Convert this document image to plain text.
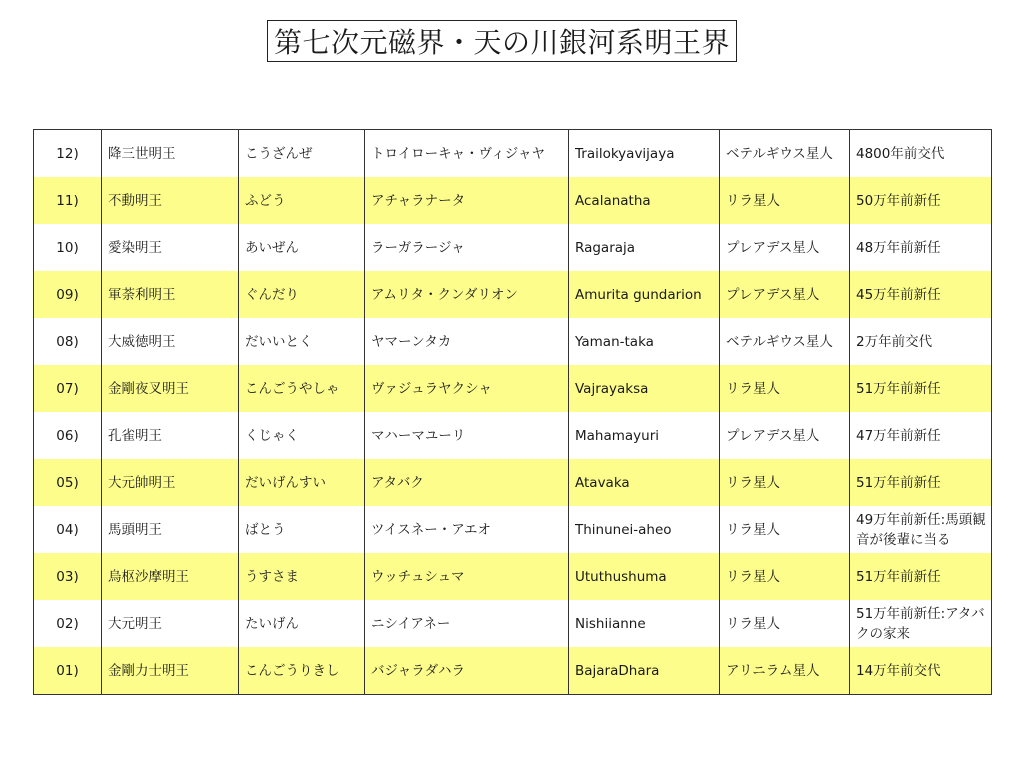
第七次元磁界・天の川銀河系明王界
12)	降三世明王	こうざんぜ	トロイローキャ・ヴィジャヤ	Trailokyavijaya	ベテルギウス星人	4800年前交代
11)	不動明王	ふどう	アチャラナータ	Acalanatha	リラ星人	50万年前新任
10)	愛染明王	あいぜん	ラーガラージャ	Ragaraja	プレアデス星人	48万年前新任
09)	軍荼利明王	ぐんだり	アムリタ・クンダリオン	Amurita gundarion	プレアデス星人	45万年前新任
08)	大威徳明王	だいいとく	ヤマーンタカ	Yaman-taka	ベテルギウス星人	2万年前交代
07)	金剛夜叉明王	こんごうやしゃ	ヴァジュラヤクシャ	Vajrayaksa	リラ星人	51万年前新任
06)	孔雀明王	くじゃく	マハーマユーリ	Mahamayuri	プレアデス星人	47万年前新任
05)	大元帥明王	だいげんすい	アタバク	Atavaka	リラ星人	51万年前新任
04)	馬頭明王	ばとう	ツイスネー・アエオ	Thinunei-aheo	リラ星人	49万年前新任:馬頭観音が後輩に当る
03)	烏枢沙摩明王	うすさま	ウッチュシュマ	Ututhushuma	リラ星人	51万年前新任
02)	大元明王	たいげん	ニシイアネー	Nishiianne	リラ星人	51万年前新任:アタバクの家来
01)	金剛力士明王	こんごうりきし	バジャラダハラ	BajaraDhara	アリニラム星人	14万年前交代
